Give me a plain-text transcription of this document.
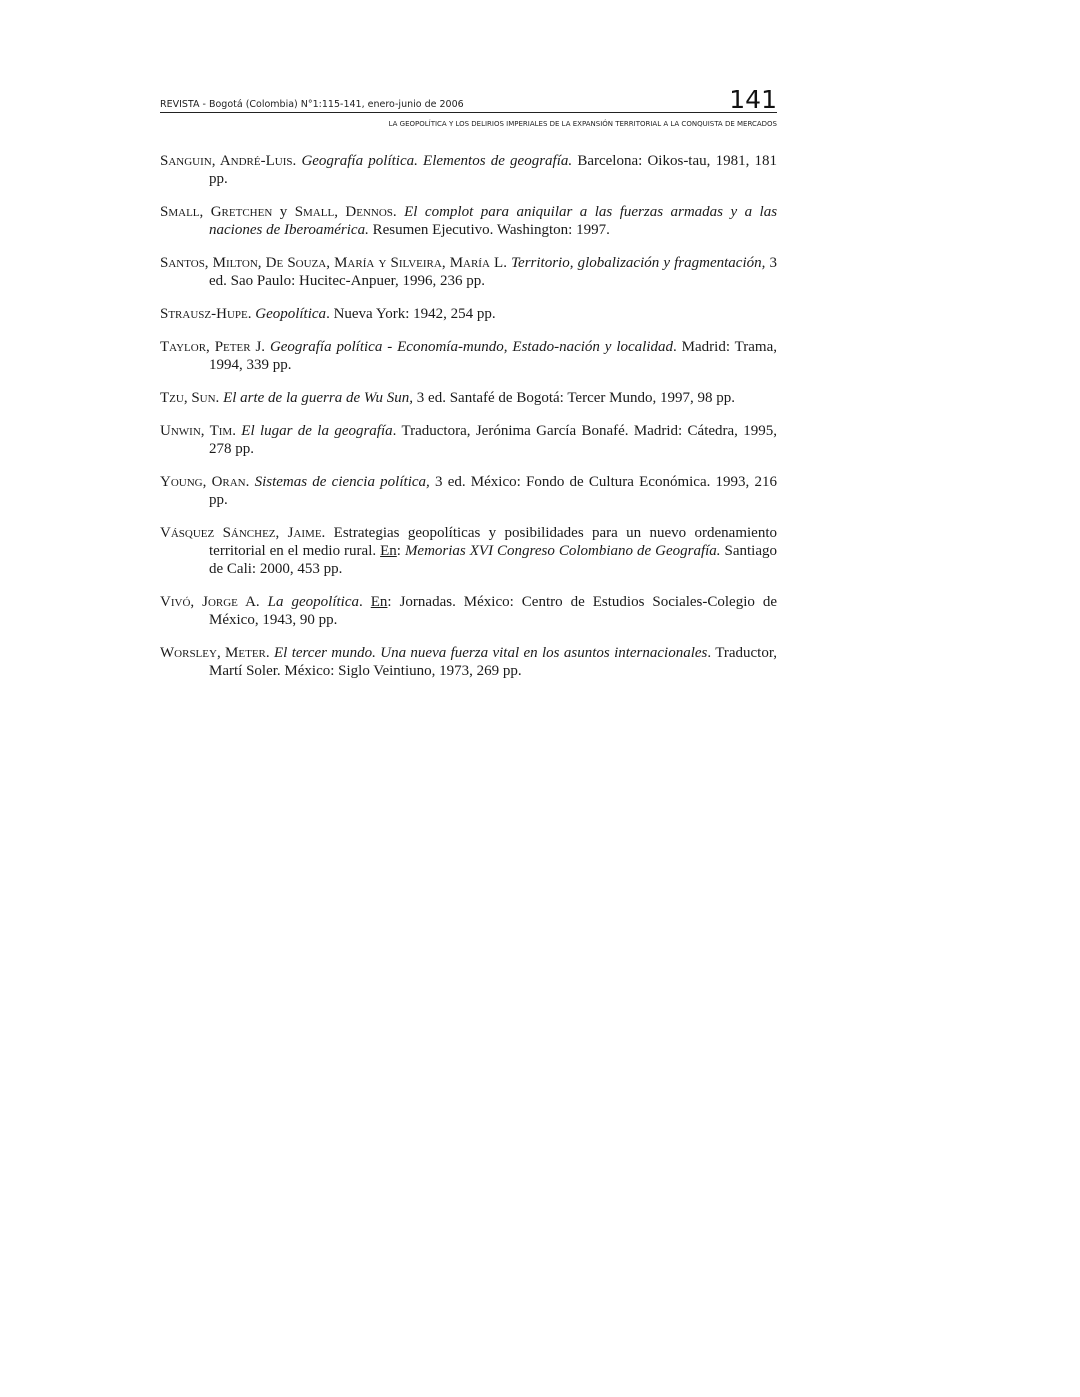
REVISTA - Bogotá (Colombia) N°1:115-141, enero-junio de 2006	141
LA GEOPOLÍTICA Y LOS DELIRIOS IMPERIALES DE LA EXPANSIÓN TERRITORIAL A LA CONQUISTA DE MERCADOS

Sanguin, André-Luis. Geografía política. Elementos de geografía. Barcelona: Oikos-tau, 1981, 181 pp.

Small, Gretchen y Small, Dennos. El complot para aniquilar a las fuerzas armadas y a las naciones de Iberoamérica. Resumen Ejecutivo. Washington: 1997.

Santos, Milton, De Souza, María y Silveira, María L. Territorio, globalización y fragmentación, 3 ed. Sao Paulo: Hucitec-Anpuer, 1996, 236 pp.

Strausz-Hupe. Geopolítica. Nueva York: 1942, 254 pp.

Taylor, Peter J. Geografía política - Economía-mundo, Estado-nación y localidad. Madrid: Trama, 1994, 339 pp.

Tzu, Sun. El arte de la guerra de Wu Sun, 3 ed. Santafé de Bogotá: Tercer Mundo, 1997, 98 pp.

Unwin, Tim. El lugar de la geografía. Traductora, Jerónima García Bonafé. Madrid: Cátedra, 1995, 278 pp.

Young, Oran. Sistemas de ciencia política, 3 ed. México: Fondo de Cultura Económica. 1993, 216 pp.

Vásquez Sánchez, Jaime. Estrategias geopolíticas y posibilidades para un nuevo ordenamiento territorial en el medio rural. En: Memorias XVI Congreso Colombiano de Geografía. Santiago de Cali: 2000, 453 pp.

Vivó, Jorge A. La geopolítica. En: Jornadas. México: Centro de Estudios Sociales-Colegio de México, 1943, 90 pp.

Worsley, Meter. El tercer mundo. Una nueva fuerza vital en los asuntos internacionales. Traductor, Martí Soler. México: Siglo Veintiuno, 1973, 269 pp.
